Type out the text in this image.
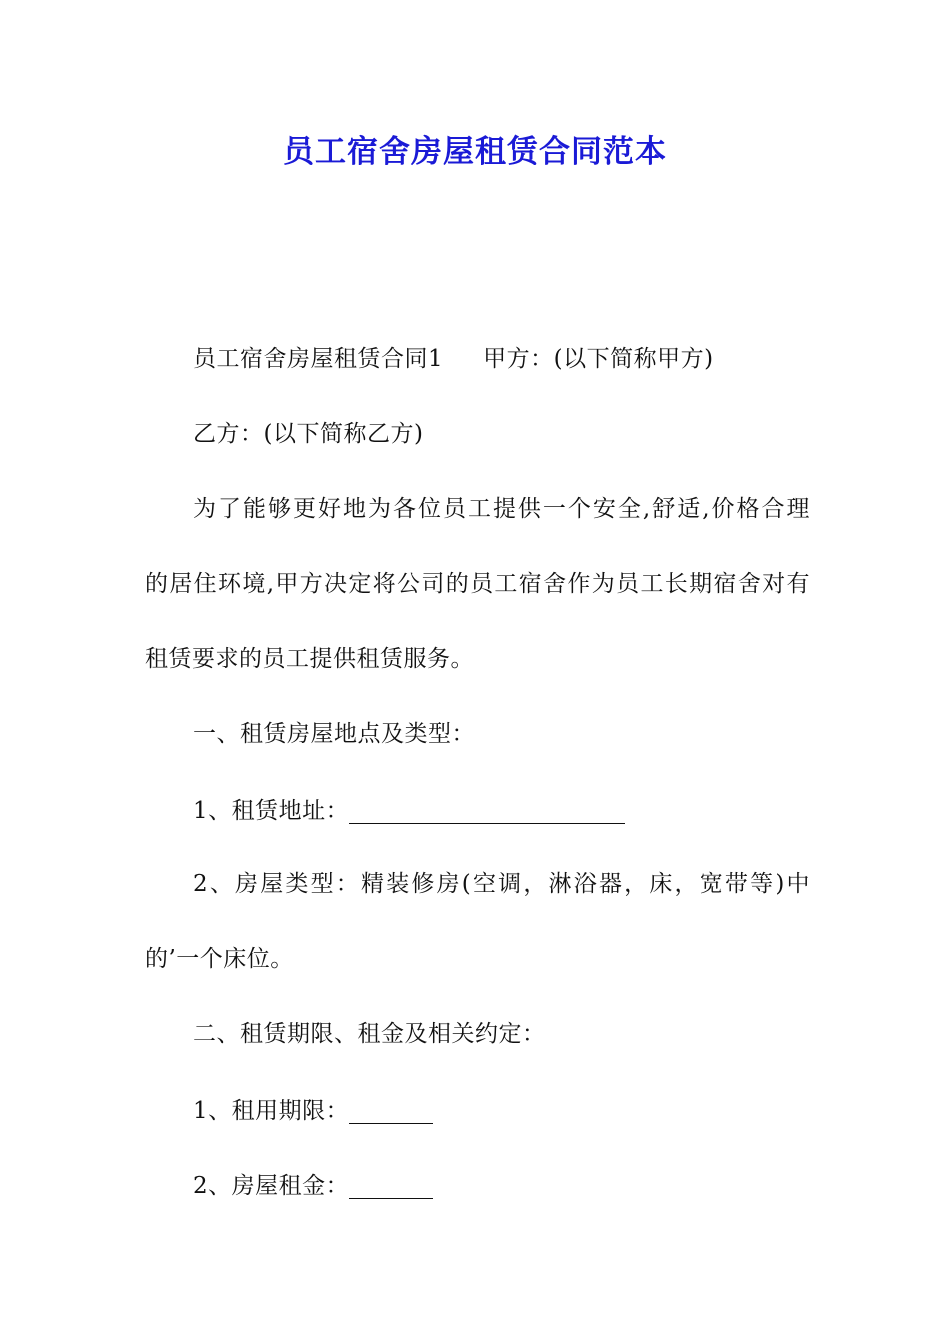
员工宿舍房屋租赁合同范本
员工宿舍房屋租赁合同1 甲方：(以下简称甲方)
乙方：(以下简称乙方)
为了能够更好地为各位员工提供一个安全,舒适,价格合理
的居住环境,甲方决定将公司的员工宿舍作为员工长期宿舍对有
租赁要求的员工提供租赁服务。
一、租赁房屋地点及类型：
1、租赁地址：
2、房屋类型：精装修房(空调，淋浴器，床，宽带等)中
的’一个床位。
二、租赁期限、租金及相关约定：
1、租用期限：
2、房屋租金：
